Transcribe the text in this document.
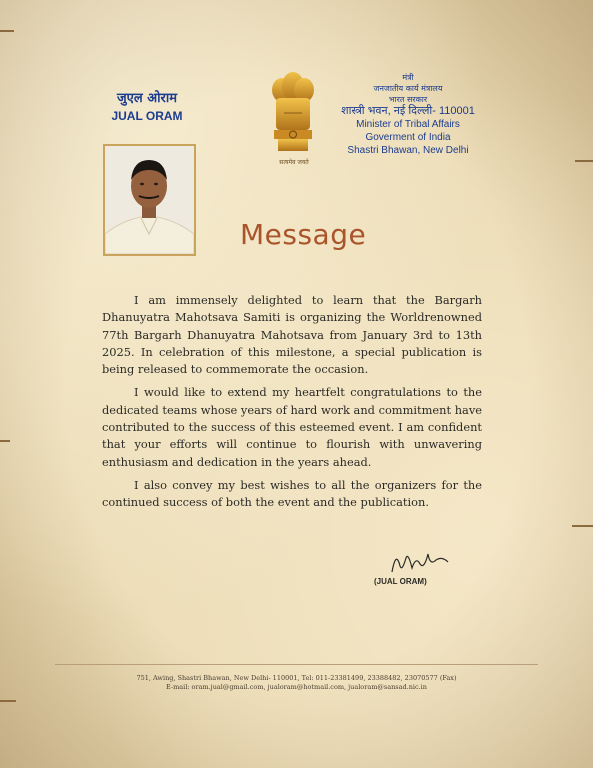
जुएल ओराम
JUAL ORAM
सत्यमेव जयते
मंत्री
जनजातीय कार्य मंत्रालय
भारत सरकार
शास्त्री भवन, नई दिल्ली- 110001
Minister of Tribal Affairs
Goverment of India
Shastri Bhawan, New Delhi
Message

I am immensely delighted to learn that the Bargarh Dhanuyatra Mahotsava Samiti is organizing the Worldrenowned 77th Bargarh Dhanuyatra Mahotsava from January 3rd to 13th 2025. In celebration of this milestone, a special publication is being released to commemorate the occasion.

I would like to extend my heartfelt congratulations to the dedicated teams whose years of hard work and commitment have contributed to the success of this esteemed event. I am confident that your efforts will continue to flourish with unwavering enthusiasm and dedication in the years ahead.

I also convey my best wishes to all the organizers for the continued success of both the event and the publication.

(JUAL ORAM)
751, Awing, Shastri Bhawan, New Delhi- 110001, Tel: 011-23381499, 23388482, 23070577 (Fax)
E-mail: oram.jual@gmail.com, jualoram@hotmail.com, jualoram@sansad.nic.in
